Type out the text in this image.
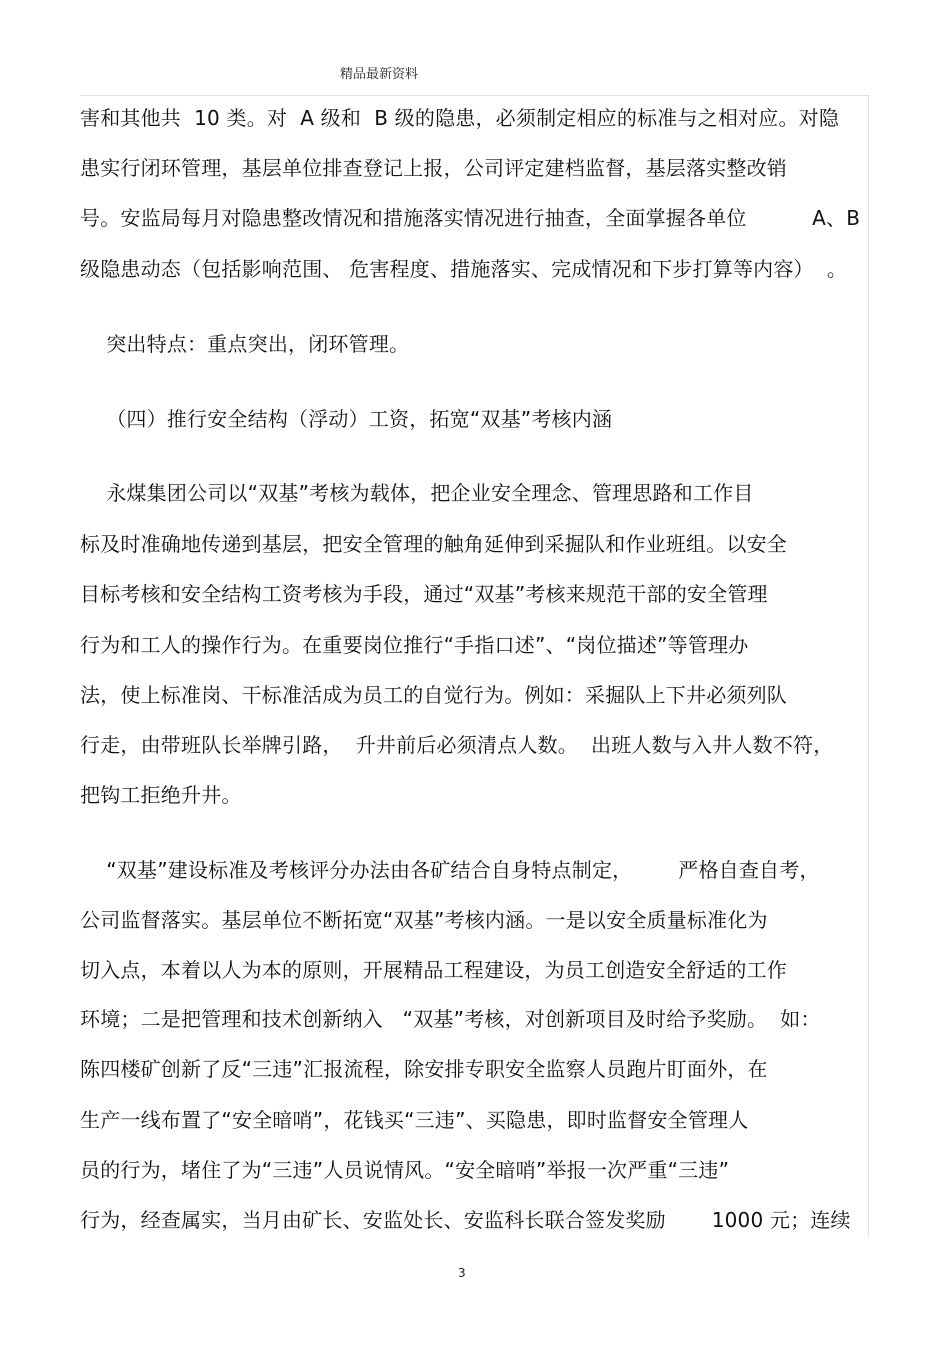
精品最新资料
害和其他共  10 类。对  A 级和  B 级的隐患，必须制定相应的标准与之相对应。对隐
患实行闭环管理，基层单位排查登记上报，公司评定建档监督，基层落实整改销
号。安监局每月对隐患整改情况和措施落实情况进行抽查，全面掌握各单位          A、B
级隐患动态（包括影响范围、 危害程度、措施落实、完成情况和下步打算等内容）  。
突出特点：重点突出，闭环管理。
（四）推行安全结构（浮动）工资，拓宽“双基”考核内涵
永煤集团公司以“双基”考核为载体，把企业安全理念、管理思路和工作目
标及时准确地传递到基层，把安全管理的触角延伸到采掘队和作业班组。以安全
目标考核和安全结构工资考核为手段，通过“双基”考核来规范干部的安全管理
行为和工人的操作行为。在重要岗位推行“手指口述”、“岗位描述”等管理办
法，使上标准岗、干标准活成为员工的自觉行为。例如：采掘队上下井必须列队
行走，由带班队长举牌引路，  升井前后必须清点人数。  出班人数与入井人数不符，
把钩工拒绝升井。
“双基”建设标准及考核评分办法由各矿结合自身特点制定，       严格自查自考，
公司监督落实。基层单位不断拓宽“双基”考核内涵。一是以安全质量标准化为
切入点，本着以人为本的原则，开展精品工程建设，为员工创造安全舒适的工作
环境；二是把管理和技术创新纳入   “双基”考核，对创新项目及时给予奖励。  如：
陈四楼矿创新了反“三违”汇报流程，除安排专职安全监察人员跑片盯面外，在
生产一线布置了“安全暗哨”，花钱买“三违”、买隐患，即时监督安全管理人
员的行为，堵住了为“三违”人员说情风。“安全暗哨”举报一次严重“三违”
行为，经查属实，当月由矿长、安监处长、安监科长联合签发奖励       1000 元；连续
3
